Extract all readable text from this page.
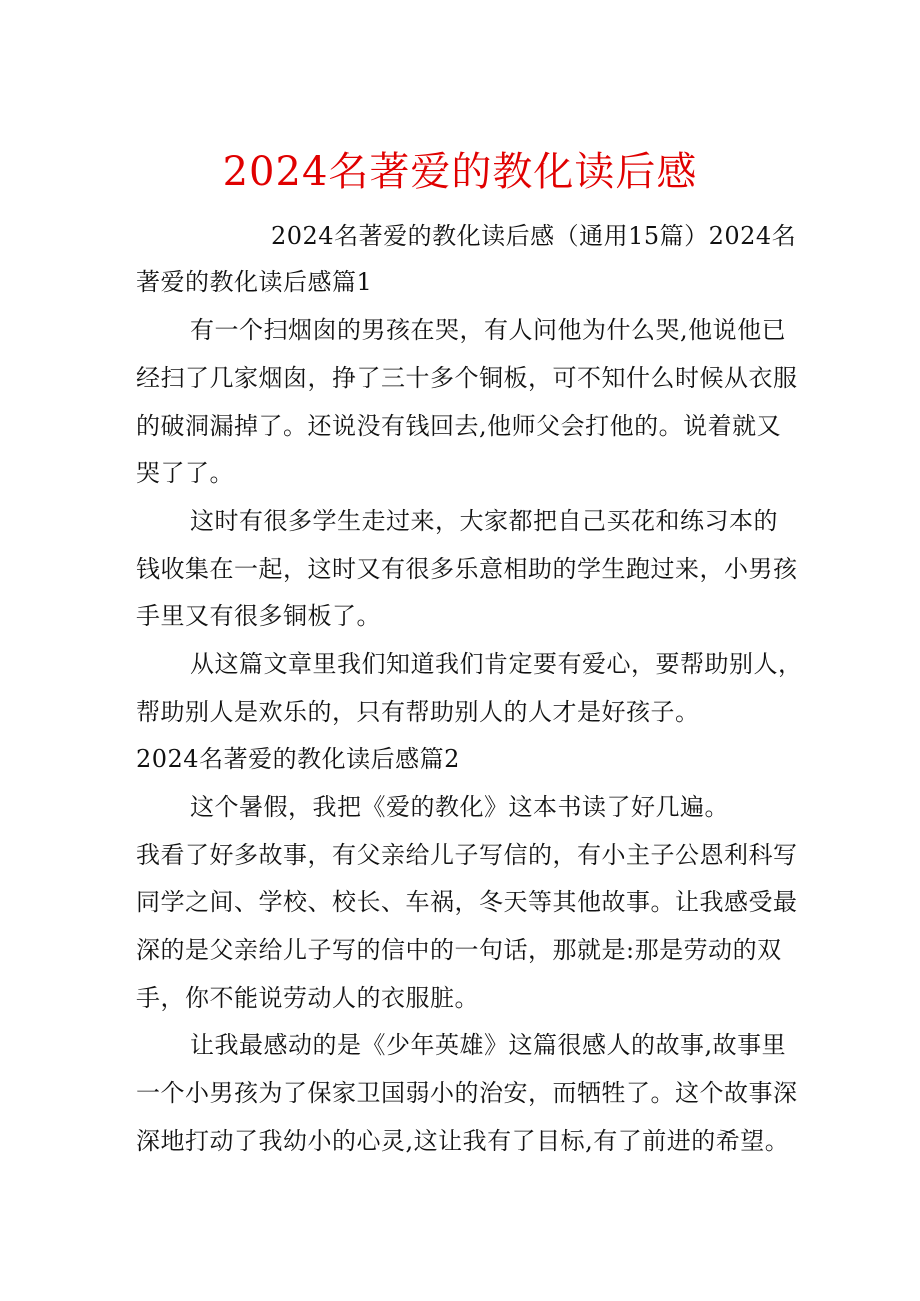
2024名著爱的教化读后感
2024名著爱的教化读后感（通用15篇）2024名
著爱的教化读后感篇1
有一个扫烟囱的男孩在哭，有人问他为什么哭,他说他已
经扫了几家烟囱，挣了三十多个铜板，可不知什么时候从衣服
的破洞漏掉了。还说没有钱回去,他师父会打他的。说着就又
哭了了。
这时有很多学生走过来，大家都把自己买花和练习本的
钱收集在一起，这时又有很多乐意相助的学生跑过来，小男孩
手里又有很多铜板了。
从这篇文章里我们知道我们肯定要有爱心，要帮助别人，
帮助别人是欢乐的，只有帮助别人的人才是好孩子。
2024名著爱的教化读后感篇2
这个暑假，我把《爱的教化》这本书读了好几遍。
我看了好多故事，有父亲给儿子写信的，有小主子公恩利科写
同学之间、学校、校长、车祸，冬天等其他故事。让我感受最
深的是父亲给儿子写的信中的一句话，那就是:那是劳动的双
手，你不能说劳动人的衣服脏。
让我最感动的是《少年英雄》这篇很感人的故事,故事里
一个小男孩为了保家卫国弱小的治安，而牺牲了。这个故事深
深地打动了我幼小的心灵,这让我有了目标,有了前进的希望。
